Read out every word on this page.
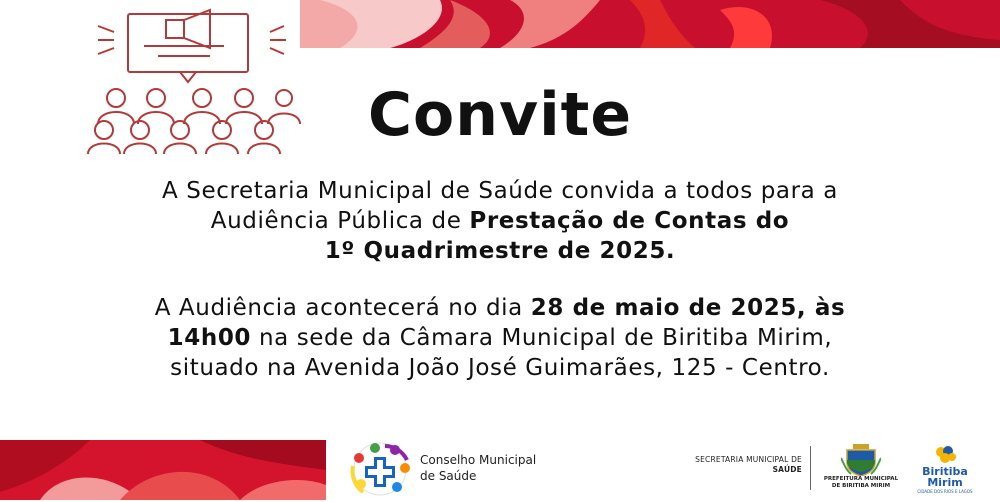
Convite
A Secretaria Municipal de Saúde convida a todos para a
Audiência Pública de Prestação de Contas do
1º Quadrimestre de 2025.
A Audiência acontecerá no dia 28 de maio de 2025, às
14h00 na sede da Câmara Municipal de Biritiba Mirim,
situado na Avenida João José Guimarães, 125 - Centro.
Conselho Municipal
de Saúde
SECRETARIA MUNICIPAL DE
SAÚDE
PREFEITURA MUNICIPAL
DE BIRITIBA MIRIM
Biritiba
Mirim
CIDADE DOS RIOS E LAGOS
